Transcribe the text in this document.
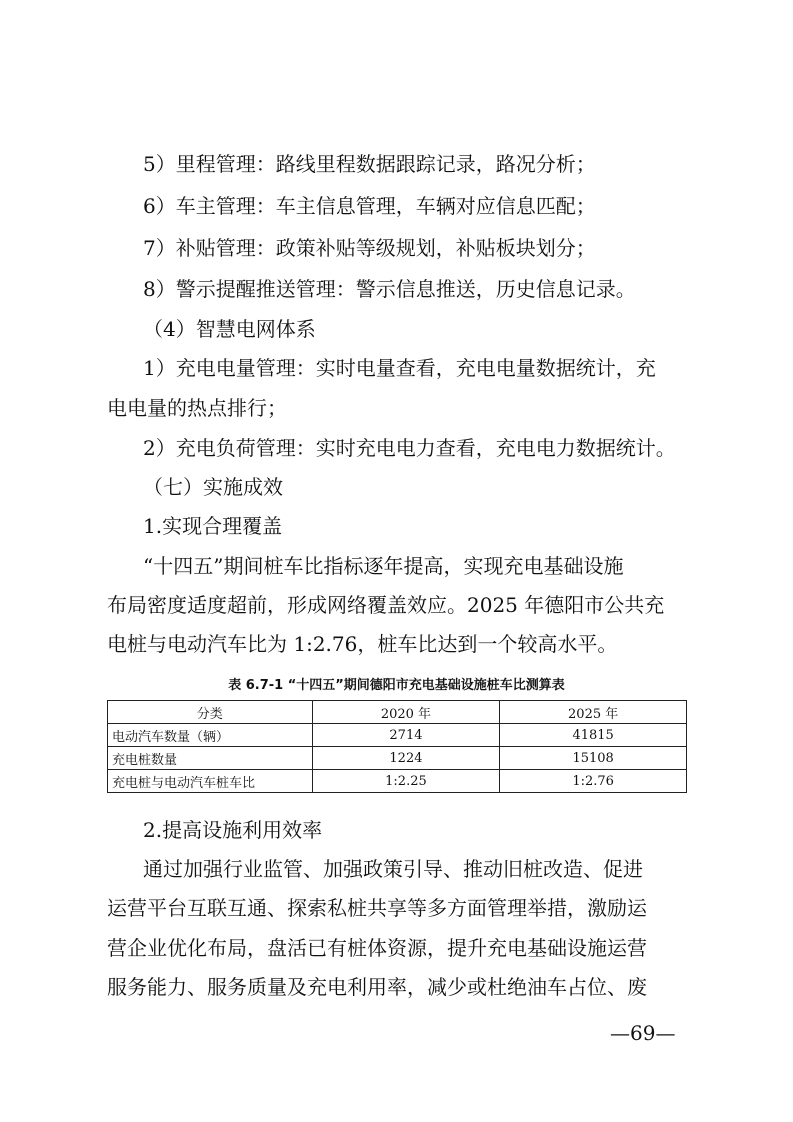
5）里程管理：路线里程数据跟踪记录，路况分析；
6）车主管理：车主信息管理，车辆对应信息匹配；
7）补贴管理：政策补贴等级规划，补贴板块划分；
8）警示提醒推送管理：警示信息推送，历史信息记录。
（4）智慧电网体系
1）充电电量管理：实时电量查看，充电电量数据统计，充
电电量的热点排行；
2）充电负荷管理：实时充电电力查看，充电电力数据统计。
（七）实施成效
1.实现合理覆盖
“十四五”期间桩车比指标逐年提高，实现充电基础设施
布局密度适度超前，形成网络覆盖效应。2025 年德阳市公共充
电桩与电动汽车比为 1:2.76，桩车比达到一个较高水平。
表 6.7-1 “十四五”期间德阳市充电基础设施桩车比测算表
分类	2020 年	2025 年
电动汽车数量（辆）	2714	41815
充电桩数量	1224	15108
充电桩与电动汽车桩车比	1:2.25	1:2.76
2.提高设施利用效率
通过加强行业监管、加强政策引导、推动旧桩改造、促进
运营平台互联互通、探索私桩共享等多方面管理举措，激励运
营企业优化布局，盘活已有桩体资源，提升充电基础设施运营
服务能力、服务质量及充电利用率，减少或杜绝油车占位、废
—69—
